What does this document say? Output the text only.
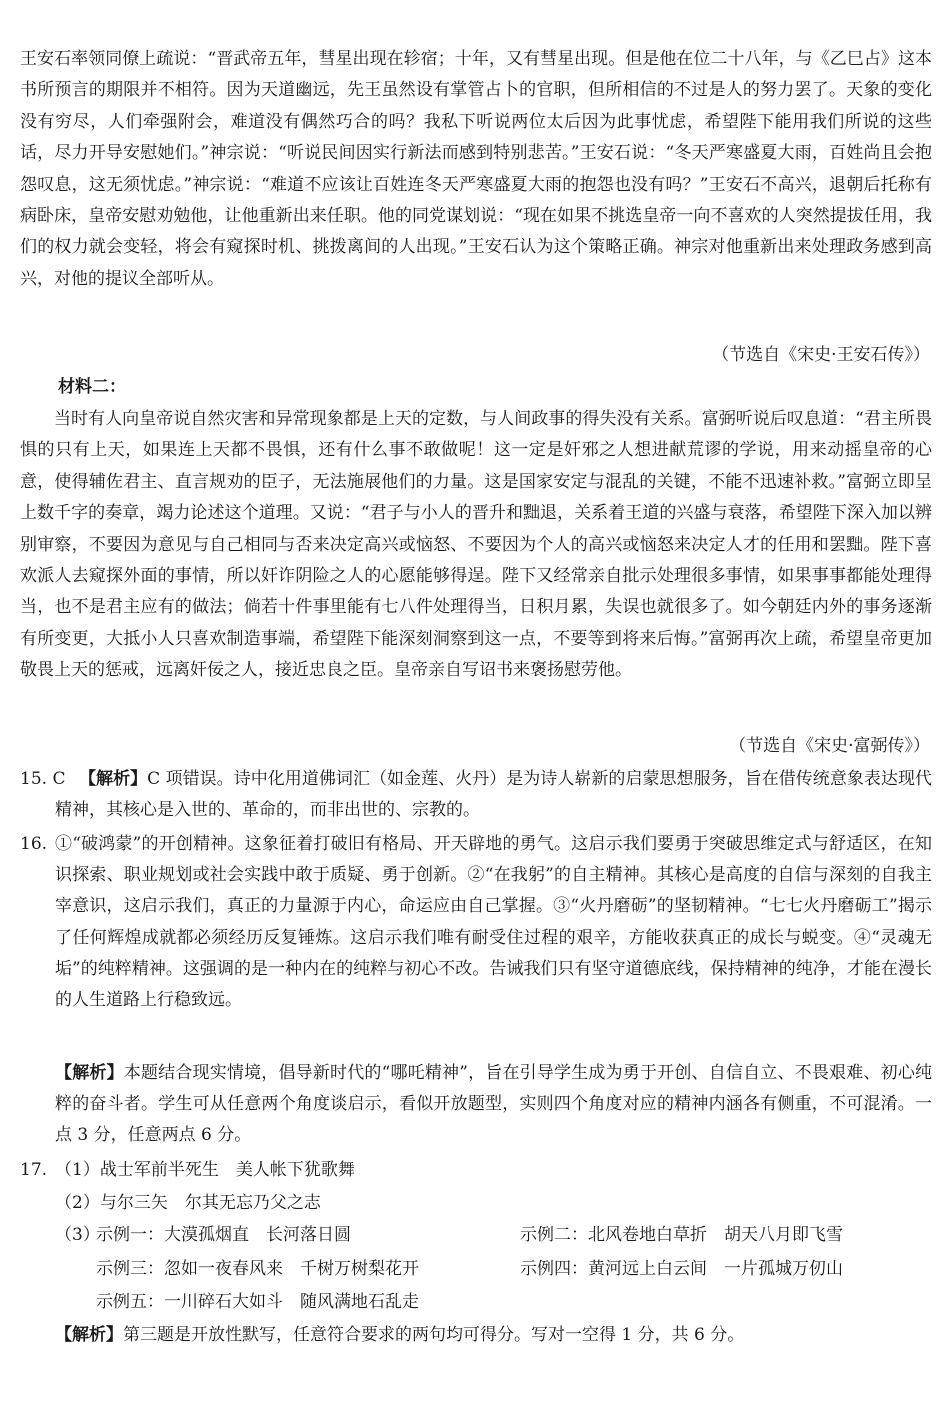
王安石率领同僚上疏说：“晋武帝五年，彗星出现在轸宿；十年，又有彗星出现。但是他在位二十八年，与《乙巳占》这本书所预言的期限并不相符。因为天道幽远，先王虽然设有掌管占卜的官职，但所相信的不过是人的努力罢了。天象的变化没有穷尽，人们牵强附会，难道没有偶然巧合的吗？我私下听说两位太后因为此事忧虑，希望陛下能用我们所说的这些话，尽力开导安慰她们。”神宗说：“听说民间因实行新法而感到特别悲苦。”王安石说：“冬天严寒盛夏大雨，百姓尚且会抱怨叹息，这无须忧虑。”神宗说：“难道不应该让百姓连冬天严寒盛夏大雨的抱怨也没有吗？”王安石不高兴，退朝后托称有病卧床，皇帝安慰劝勉他，让他重新出来任职。他的同党谋划说：“现在如果不挑选皇帝一向不喜欢的人突然提拔任用，我们的权力就会变轻，将会有窥探时机、挑拨离间的人出现。”王安石认为这个策略正确。神宗对他重新出来处理政务感到高兴，对他的提议全部听从。

（节选自《宋史·王安石传》）

材料二：

当时有人向皇帝说自然灾害和异常现象都是上天的定数，与人间政事的得失没有关系。富弼听说后叹息道：“君主所畏惧的只有上天，如果连上天都不畏惧，还有什么事不敢做呢！这一定是奸邪之人想进献荒谬的学说，用来动摇皇帝的心意，使得辅佐君主、直言规劝的臣子，无法施展他们的力量。这是国家安定与混乱的关键，不能不迅速补救。”富弼立即呈上数千字的奏章，竭力论述这个道理。又说：“君子与小人的晋升和黜退，关系着王道的兴盛与衰落，希望陛下深入加以辨别审察，不要因为意见与自己相同与否来决定高兴或恼怒、不要因为个人的高兴或恼怒来决定人才的任用和罢黜。陛下喜欢派人去窥探外面的事情，所以奸诈阴险之人的心愿能够得逞。陛下又经常亲自批示处理很多事情，如果事事都能处理得当，也不是君主应有的做法；倘若十件事里能有七八件处理得当，日积月累，失误也就很多了。如今朝廷内外的事务逐渐有所变更，大抵小人只喜欢制造事端，希望陛下能深刻洞察到这一点，不要等到将来后悔。”富弼再次上疏，希望皇帝更加敬畏上天的惩戒，远离奸佞之人，接近忠良之臣。皇帝亲自写诏书来褒扬慰劳他。

（节选自《宋史·富弼传》）

15. C 【解析】C 项错误。诗中化用道佛词汇（如金莲、火丹）是为诗人崭新的启蒙思想服务，旨在借传统意象表达现代精神，其核心是入世的、革命的，而非出世的、宗教的。

16. ①“破鸿蒙”的开创精神。这象征着打破旧有格局、开天辟地的勇气。这启示我们要勇于突破思维定式与舒适区，在知识探索、职业规划或社会实践中敢于质疑、勇于创新。②“在我躬”的自主精神。其核心是高度的自信与深刻的自我主宰意识，这启示我们，真正的力量源于内心，命运应由自己掌握。③“火丹磨砺”的坚韧精神。“七七火丹磨砺工”揭示了任何辉煌成就都必须经历反复锤炼。这启示我们唯有耐受住过程的艰辛，方能收获真正的成长与蜕变。④“灵魂无垢”的纯粹精神。这强调的是一种内在的纯粹与初心不改。告诫我们只有坚守道德底线，保持精神的纯净，才能在漫长的人生道路上行稳致远。

【解析】本题结合现实情境，倡导新时代的“哪吒精神”，旨在引导学生成为勇于开创、自信自立、不畏艰难、初心纯粹的奋斗者。学生可从任意两个角度谈启示，看似开放题型，实则四个角度对应的精神内涵各有侧重，不可混淆。一点 3 分，任意两点 6 分。

17. （1）战士军前半死生　美人帐下犹歌舞

（2）与尔三矢　尔其无忘乃父之志

（3）

示例一：大漠孤烟直　长河落日圆	示例二：北风卷地白草折　胡天八月即飞雪

示例三：忽如一夜春风来　千树万树梨花开	示例四：黄河远上白云间　一片孤城万仞山

示例五：一川碎石大如斗　随风满地石乱走

【解析】第三题是开放性默写，任意符合要求的两句均可得分。写对一空得 1 分，共 6 分。
